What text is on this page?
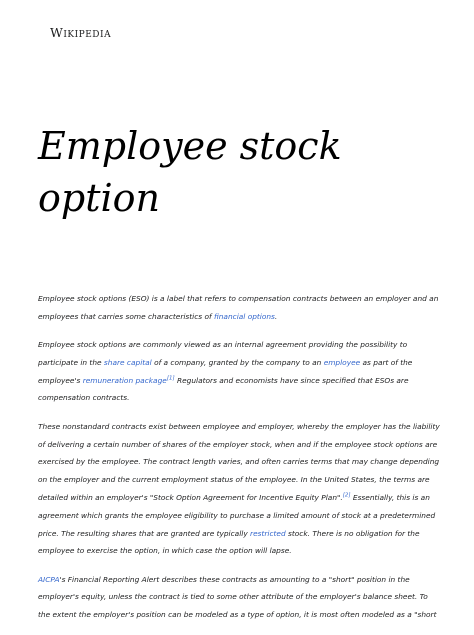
Wikipedia
Employee stock option

Employee stock options (ESO) is a label that refers to compensation contracts between an employer and an employees that carries some characteristics of financial options.

Employee stock options are commonly viewed as an internal agreement providing the possibility to participate in the share capital of a company, granted by the company to an employee as part of the employee's remuneration package[1] Regulators and economists have since specified that ESOs are compensation contracts.

These nonstandard contracts exist between employee and employer, whereby the employer has the liability of delivering a certain number of shares of the employer stock, when and if the employee stock options are exercised by the employee. The contract length varies, and often carries terms that may change depending on the employer and the current employment status of the employee. In the United States, the terms are detailed within an employer's "Stock Option Agreement for Incentive Equity Plan".[2] Essentially, this is an agreement which grants the employee eligibility to purchase a limited amount of stock at a predetermined price. The resulting shares that are granted are typically restricted stock. There is no obligation for the employee to exercise the option, in which case the option will lapse.

AICPA's Financial Reporting Alert describes these contracts as amounting to a "short" position in the employer's equity, unless the contract is tied to some other attribute of the employer's balance sheet. To the extent the employer's position can be modeled as a type of option, it is most often modeled as a "short
